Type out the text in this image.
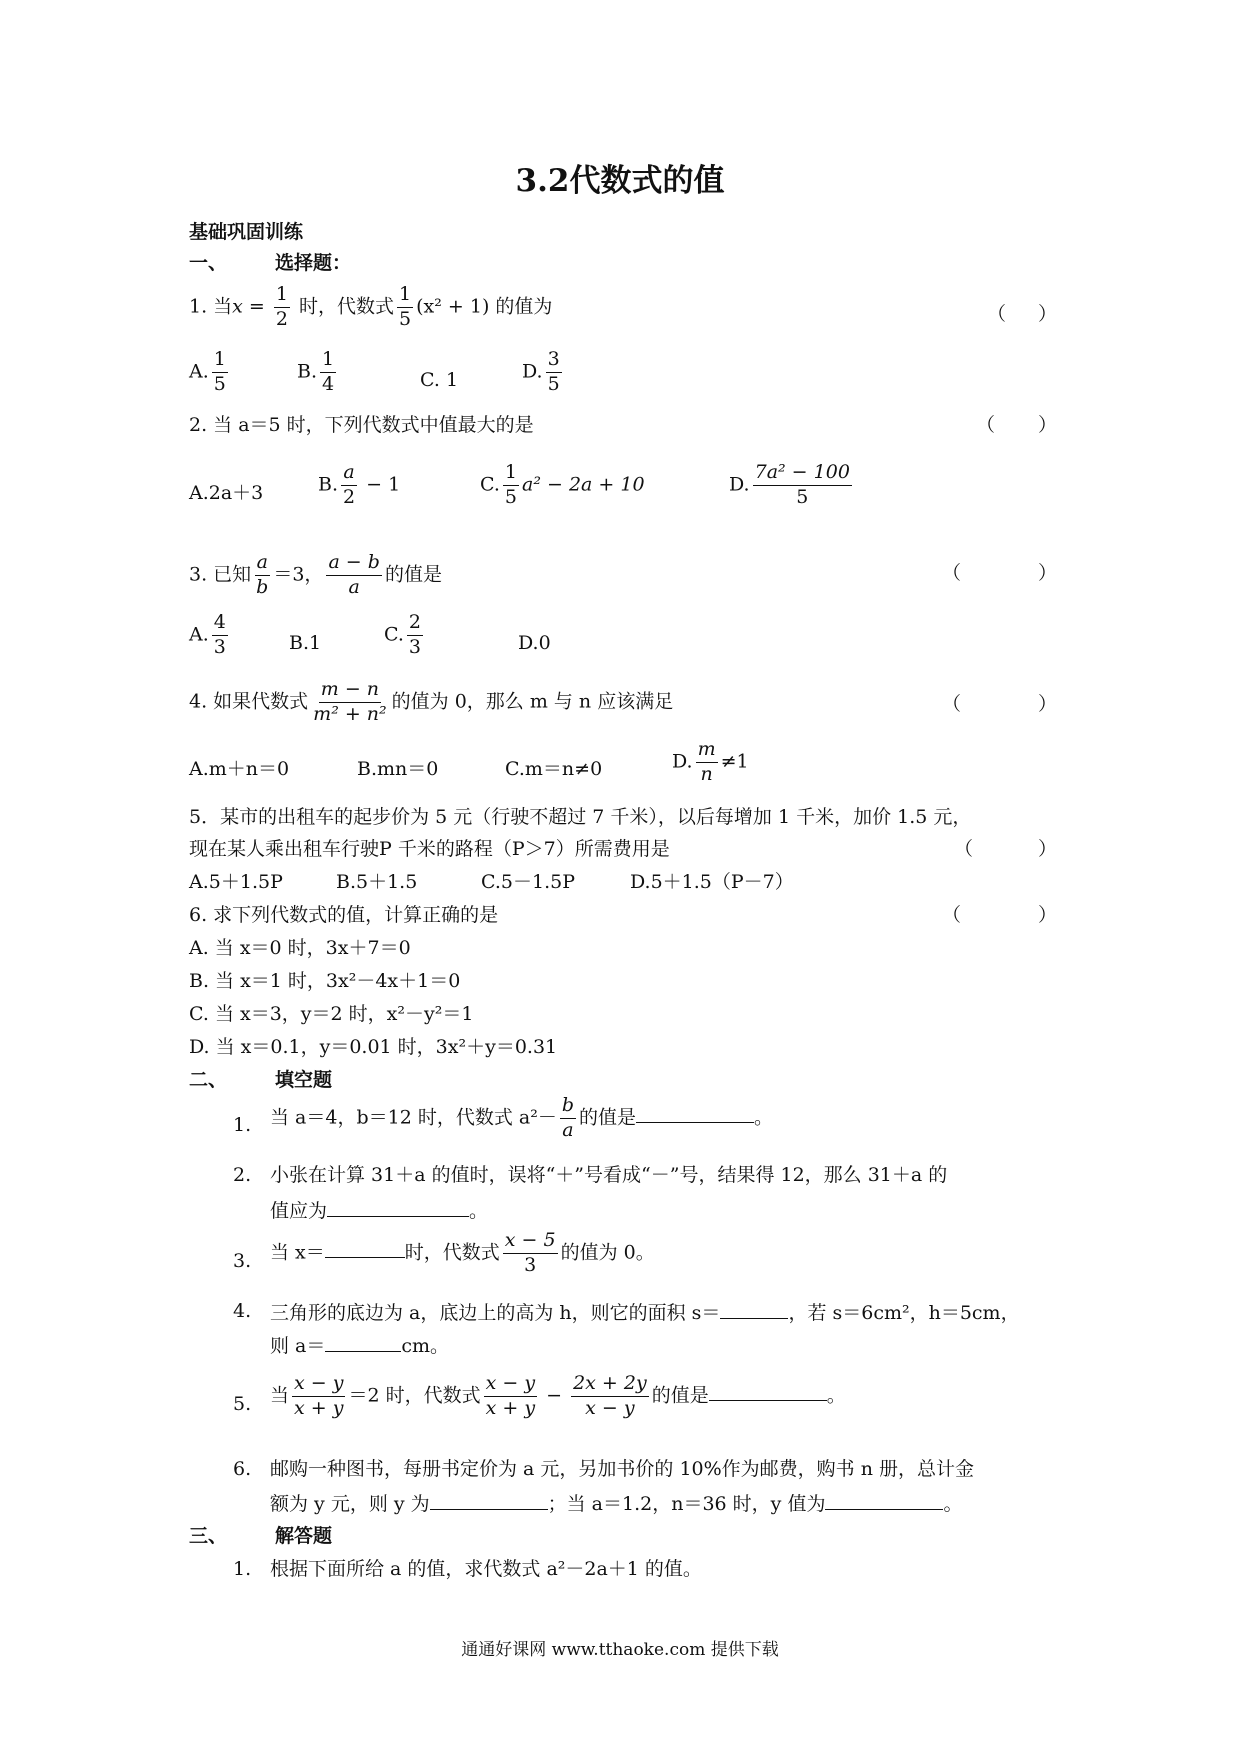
3.2代数式的值
基础巩固训练
一、	选择题：
1. 当$x = \frac{1}{2}$ 时，代数式 $\frac{1}{5} (x^2 + 1)$ 的值为	（ ）
A. $\frac{1}{5}$	B. $\frac{1}{4}$	C. 1	D. $\frac{3}{5}$
2. 当 a＝5 时，下列代数式中值最大的是	（ ）
A.2a＋3	B. $\frac{a}{2} - 1$	C. $\frac{1}{5} a^2 - 2a + 10$	D. $\frac{\text{7a² − 100}}{5}$
3. 已知 $\frac{a}{b} =3$， $\frac{a - b}{a}$ 的值是	（	）
A. $\frac{4}{3}$	B.1	C. $\frac{2}{3}$	D.0
4. 如果代数式 $\frac{m - n}{\text{m² + n²}}$ 的值为 0，那么 m 与 n 应该满足	（	）
A.m＋n＝0	B.mn＝0	C.m＝n≠0	D. $\frac{m}{n} \ne 1$
5．某市的出租车的起步价为 5 元（行驶不超过 7 千米），以后每增加 1 千米，加价 1.5 元，
现在某人乘出租车行驶P 千米的路程（P＞7）所需费用是	（	）
A.5＋1.5P	B.5＋1.5	C.5－1.5P	D.5＋1.5（P－7）
6. 求下列代数式的值，计算正确的是	（	）
A. 当 x＝0 时，3x＋7＝0
B. 当 x＝1 时，3x²－4x＋1＝0
C. 当 x＝3，y＝2 时，x²－y²＝1
D. 当 x＝0.1，y＝0.01 时，3x²＋y＝0.31
二、	填空题
1. 当 a＝4，b＝12 时，代数式 $a^2- \frac{b}{a}$ 的值是	。
2. 小张在计算 31＋a 的值时，误将“＋”号看成“－”号，结果得 12，那么 31＋a 的
值应为	。
3. 当 x＝	时，代数式 $\frac{x - 5}{3}$ 的值为 0。
4. 三角形的底边为 a，底边上的高为 h，则它的面积 s＝	，若 s＝6cm²，h＝5cm，
则 a＝	cm。
5. 当 $\frac{x - y}{x + y} =2$ 时，代数式 $\frac{x - y}{x + y} - \frac{2x + 2y}{x - y}$ 的值是	。
6. 邮购一种图书，每册书定价为 a 元，另加书价的 10%作为邮费，购书 n 册，总计金
额为 y 元，则 y 为	；当 a＝1.2，n＝36 时，y 值为	。
三、	解答题
1. 根据下面所给 a 的值，求代数式 a²－2a＋1 的值。
通通好课网 www.tthaoke.com 提供下载
